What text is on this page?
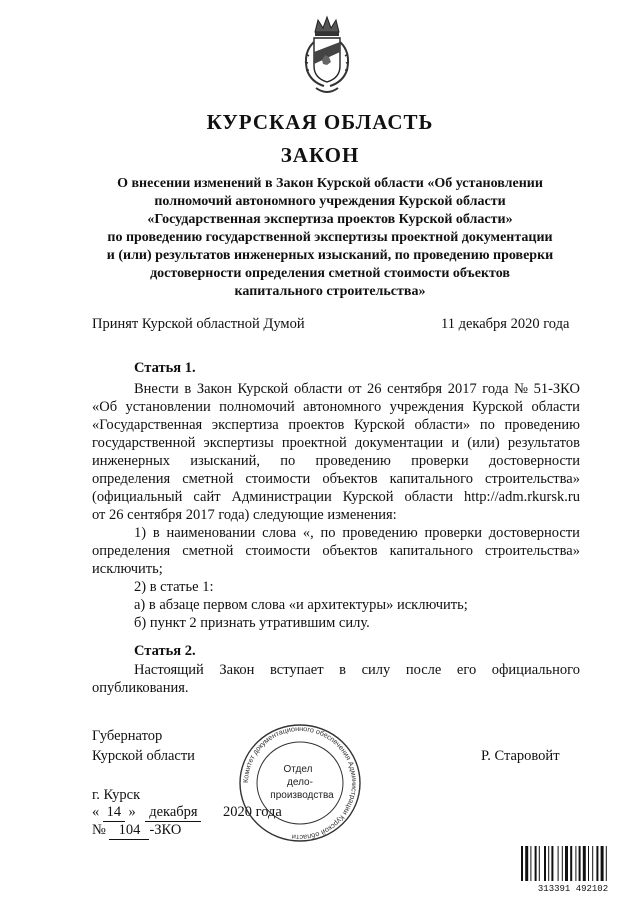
КУРСКАЯ ОБЛАСТЬ
ЗАКОН
О внесении изменений в Закон Курской области «Об установлении
полномочий автономного учреждения Курской области
«Государственная экспертиза проектов Курской области»
по проведению государственной экспертизы проектной документации
и (или) результатов инженерных изысканий, по проведению проверки
достоверности определения сметной стоимости объектов
капитального строительства»
Принят Курской областной Думой	11 декабря 2020 года
Статья 1.
Внести в Закон Курской области от 26 сентября 2017 года № 51-ЗКО
«Об установлении полномочий автономного учреждения Курской области
«Государственная экспертиза проектов Курской области» по проведению
государственной экспертизы проектной документации и (или) результатов
инженерных изысканий, по проведению проверки достоверности
определения сметной стоимости объектов капитального строительства»
(официальный сайт Администрации Курской области http://adm.rkursk.ru
от 26 сентября 2017 года) следующие изменения:
1) в наименовании слова «, по проведению проверки достоверности
определения сметной стоимости объектов капитального строительства»
исключить;
2) в статье 1:
а) в абзаце первом слова «и архитектуры» исключить;
б) пункт 2 признать утратившим силу.
Статья 2.
Настоящий Закон вступает в силу после его официального
опубликования.
Губернатор
Курской области	Р. Старовойт
г. Курск
« 14 » декабря 2020 года
№ 104 -ЗКО
Комитет документационного обеспечения Администрации Курской области
Отдел
дело-
производства
313391 492102
